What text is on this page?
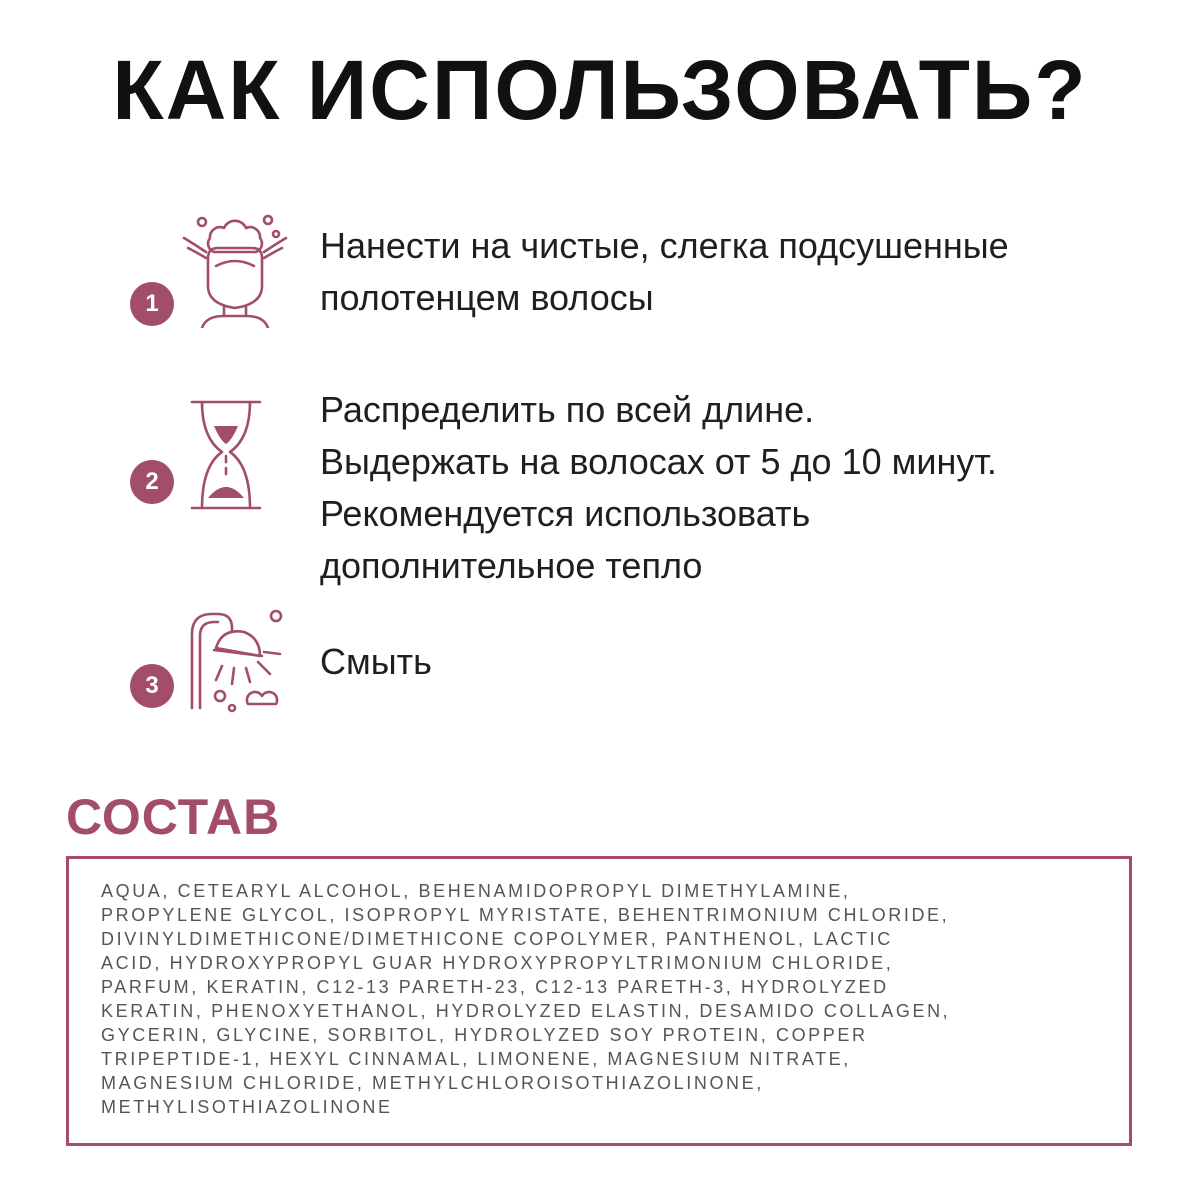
КАК ИСПОЛЬЗОВАТЬ?
1
Нанести на чистые, слегка подсушенные
полотенцем волосы
2
Распределить по всей длине.
Выдержать на волосах от 5 до 10 минут.
Рекомендуется использовать
дополнительное тепло
3
Смыть
СОСТАВ
AQUA, CETEARYL ALCOHOL, BEHENAMIDOPROPYL DIMETHYLAMINE,
PROPYLENE GLYCOL, ISOPROPYL MYRISTATE, BEHENTRIMONIUM CHLORIDE,
DIVINYLDIMETHICONE/DIMETHICONE COPOLYMER, PANTHENOL, LACTIC
ACID, HYDROXYPROPYL GUAR HYDROXYPROPYLTRIMONIUM CHLORIDE,
PARFUM, KERATIN, C12-13 PARETH-23, C12-13 PARETH-3, HYDROLYZED
KERATIN, PHENOXYETHANOL, HYDROLYZED ELASTIN, DESAMIDO COLLAGEN,
GYCERIN, GLYCINE, SORBITOL, HYDROLYZED SOY PROTEIN, COPPER
TRIPEPTIDE-1, HEXYL CINNAMAL, LIMONENE, MAGNESIUM NITRATE,
MAGNESIUM CHLORIDE, METHYLCHLOROISOTHIAZOLINONE,
METHYLISOTHIAZOLINONE
